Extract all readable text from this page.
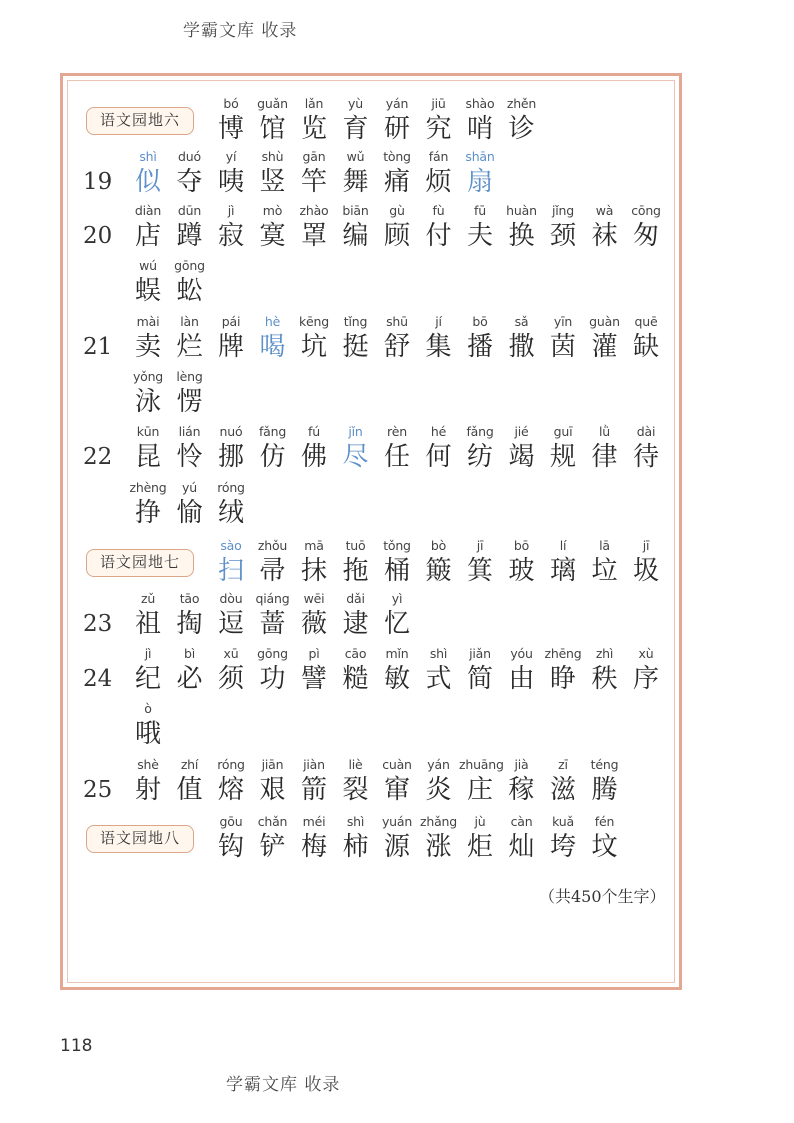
学霸文库 收录
语文园地六
bó
博
guǎn
馆
lǎn
览
yù
育
yán
研
jiū
究
shào
哨
zhěn
诊
19
shì
似
duó
夺
yí
咦
shù
竖
gān
竿
wǔ
舞
tòng
痛
fán
烦
shān
扇
20
diàn
店
dūn
蹲
jì
寂
mò
寞
zhào
罩
biān
编
gù
顾
fù
付
fū
夫
huàn
换
jǐng
颈
wà
袜
cōng
匆
wú
蜈
gōng
蚣
21
mài
卖
làn
烂
pái
牌
hè
喝
kēng
坑
tǐng
挺
shū
舒
jí
集
bō
播
sǎ
撒
yīn
茵
guàn
灌
quē
缺
yǒng
泳
lèng
愣
22
kūn
昆
lián
怜
nuó
挪
fǎng
仿
fú
佛
jǐn
尽
rèn
任
hé
何
fǎng
纺
jié
竭
guī
规
lǜ
律
dài
待
zhèng
挣
yú
愉
róng
绒
语文园地七
sào
扫
zhǒu
帚
mā
抹
tuō
拖
tǒng
桶
bò
簸
jī
箕
bō
玻
lí
璃
lā
垃
jī
圾
23
zǔ
祖
tāo
掏
dòu
逗
qiáng
蔷
wēi
薇
dǎi
逮
yì
忆
24
jì
纪
bì
必
xū
须
gōng
功
pì
譬
cāo
糙
mǐn
敏
shì
式
jiǎn
简
yóu
由
zhēng
睁
zhì
秩
xù
序
ò
哦
25
shè
射
zhí
值
róng
熔
jiān
艰
jiàn
箭
liè
裂
cuàn
窜
yán
炎
zhuāng
庄
jià
稼
zī
滋
téng
腾
语文园地八
gōu
钩
chǎn
铲
méi
梅
shì
柿
yuán
源
zhǎng
涨
jù
炬
càn
灿
kuǎ
垮
fén
坟
（共450个生字）
118
学霸文库 收录
